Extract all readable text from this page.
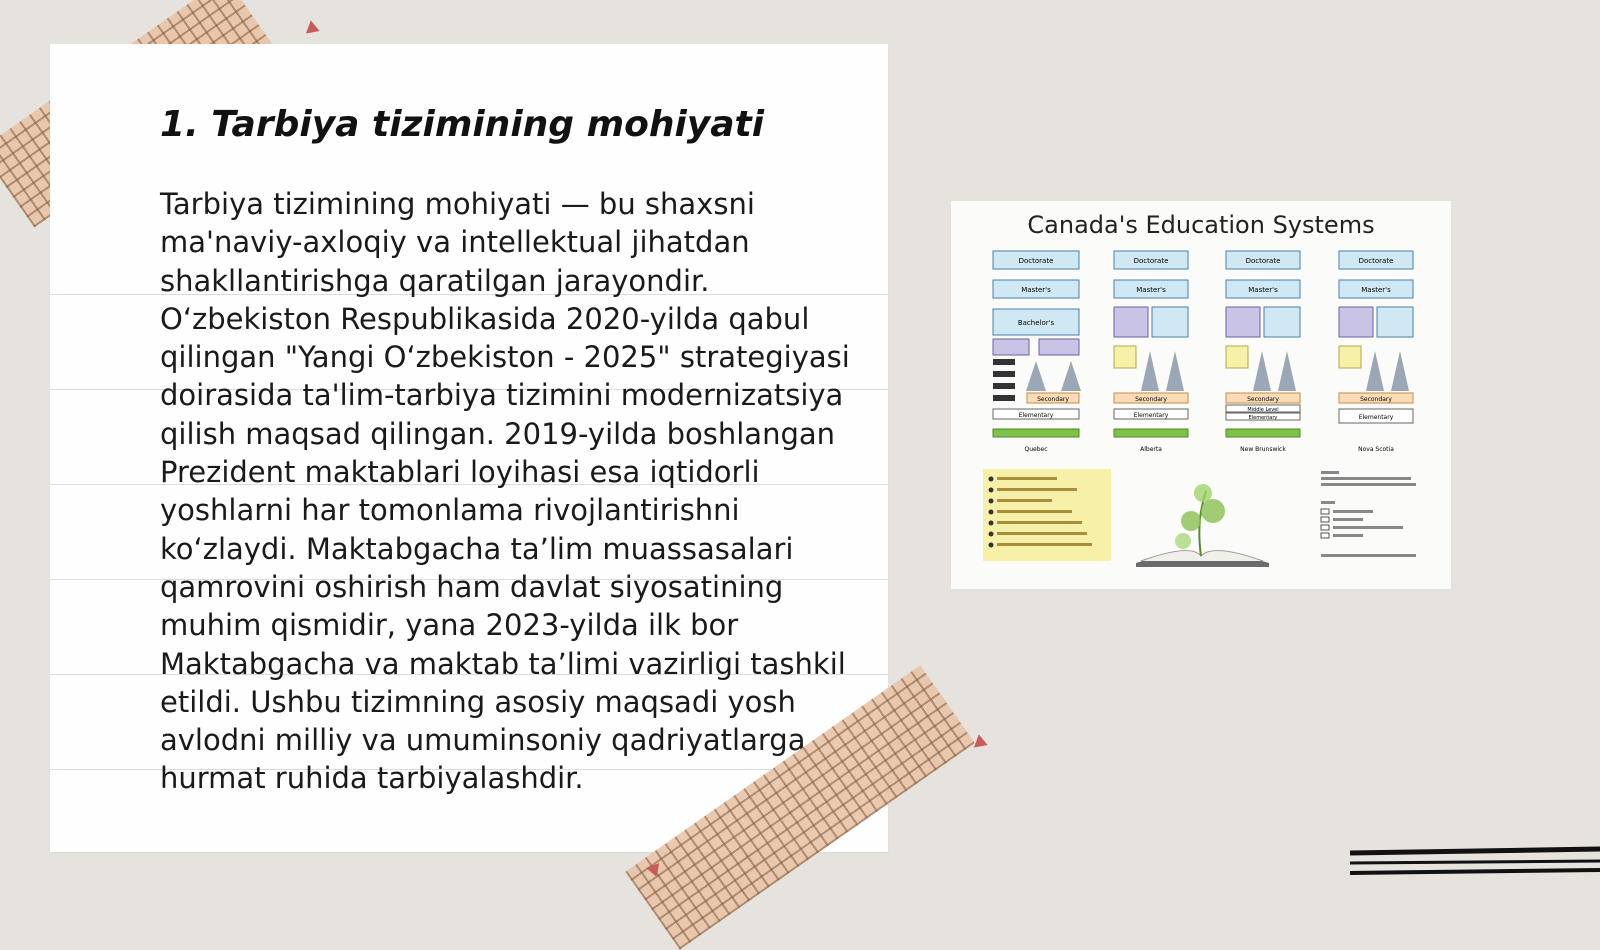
1. Tarbiya tizimining mohiyati

Tarbiya tizimining mohiyati — bu shaxsni ma'naviy-axloqiy va intellektual jihatdan shakllantirishga qaratilgan jarayondir. O‘zbekiston Respublikasida 2020-yilda qabul qilingan "Yangi O‘zbekiston - 2025" strategiyasi doirasida ta'lim-tarbiya tizimini modernizatsiya qilish maqsad qilingan. 2019-yilda boshlangan Prezident maktablari loyihasi esa iqtidorli yoshlarni har tomonlama rivojlantirishni ko‘zlaydi. Maktabgacha ta’lim muassasalari qamrovini oshirish ham davlat siyosatining muhim qismidir, yana 2023-yilda ilk bor Maktabgacha va maktab ta’limi vazirligi tashkil etildi. Ushbu tizimning asosiy maqsadi yosh avlodni milliy va umuminsoniy qadriyatlarga hurmat ruhida tarbiyalashdir.

Canada's Education Systems
Doctorate
Master's
Bachelor's
Secondary
Elementary
Quebec
Doctorate
Master's
Secondary
Elementary
Alberta
Doctorate
Master's
Secondary
Middle Level
Elementary
New Brunswick
Doctorate
Master's
Secondary
Elementary
Nova Scotia
